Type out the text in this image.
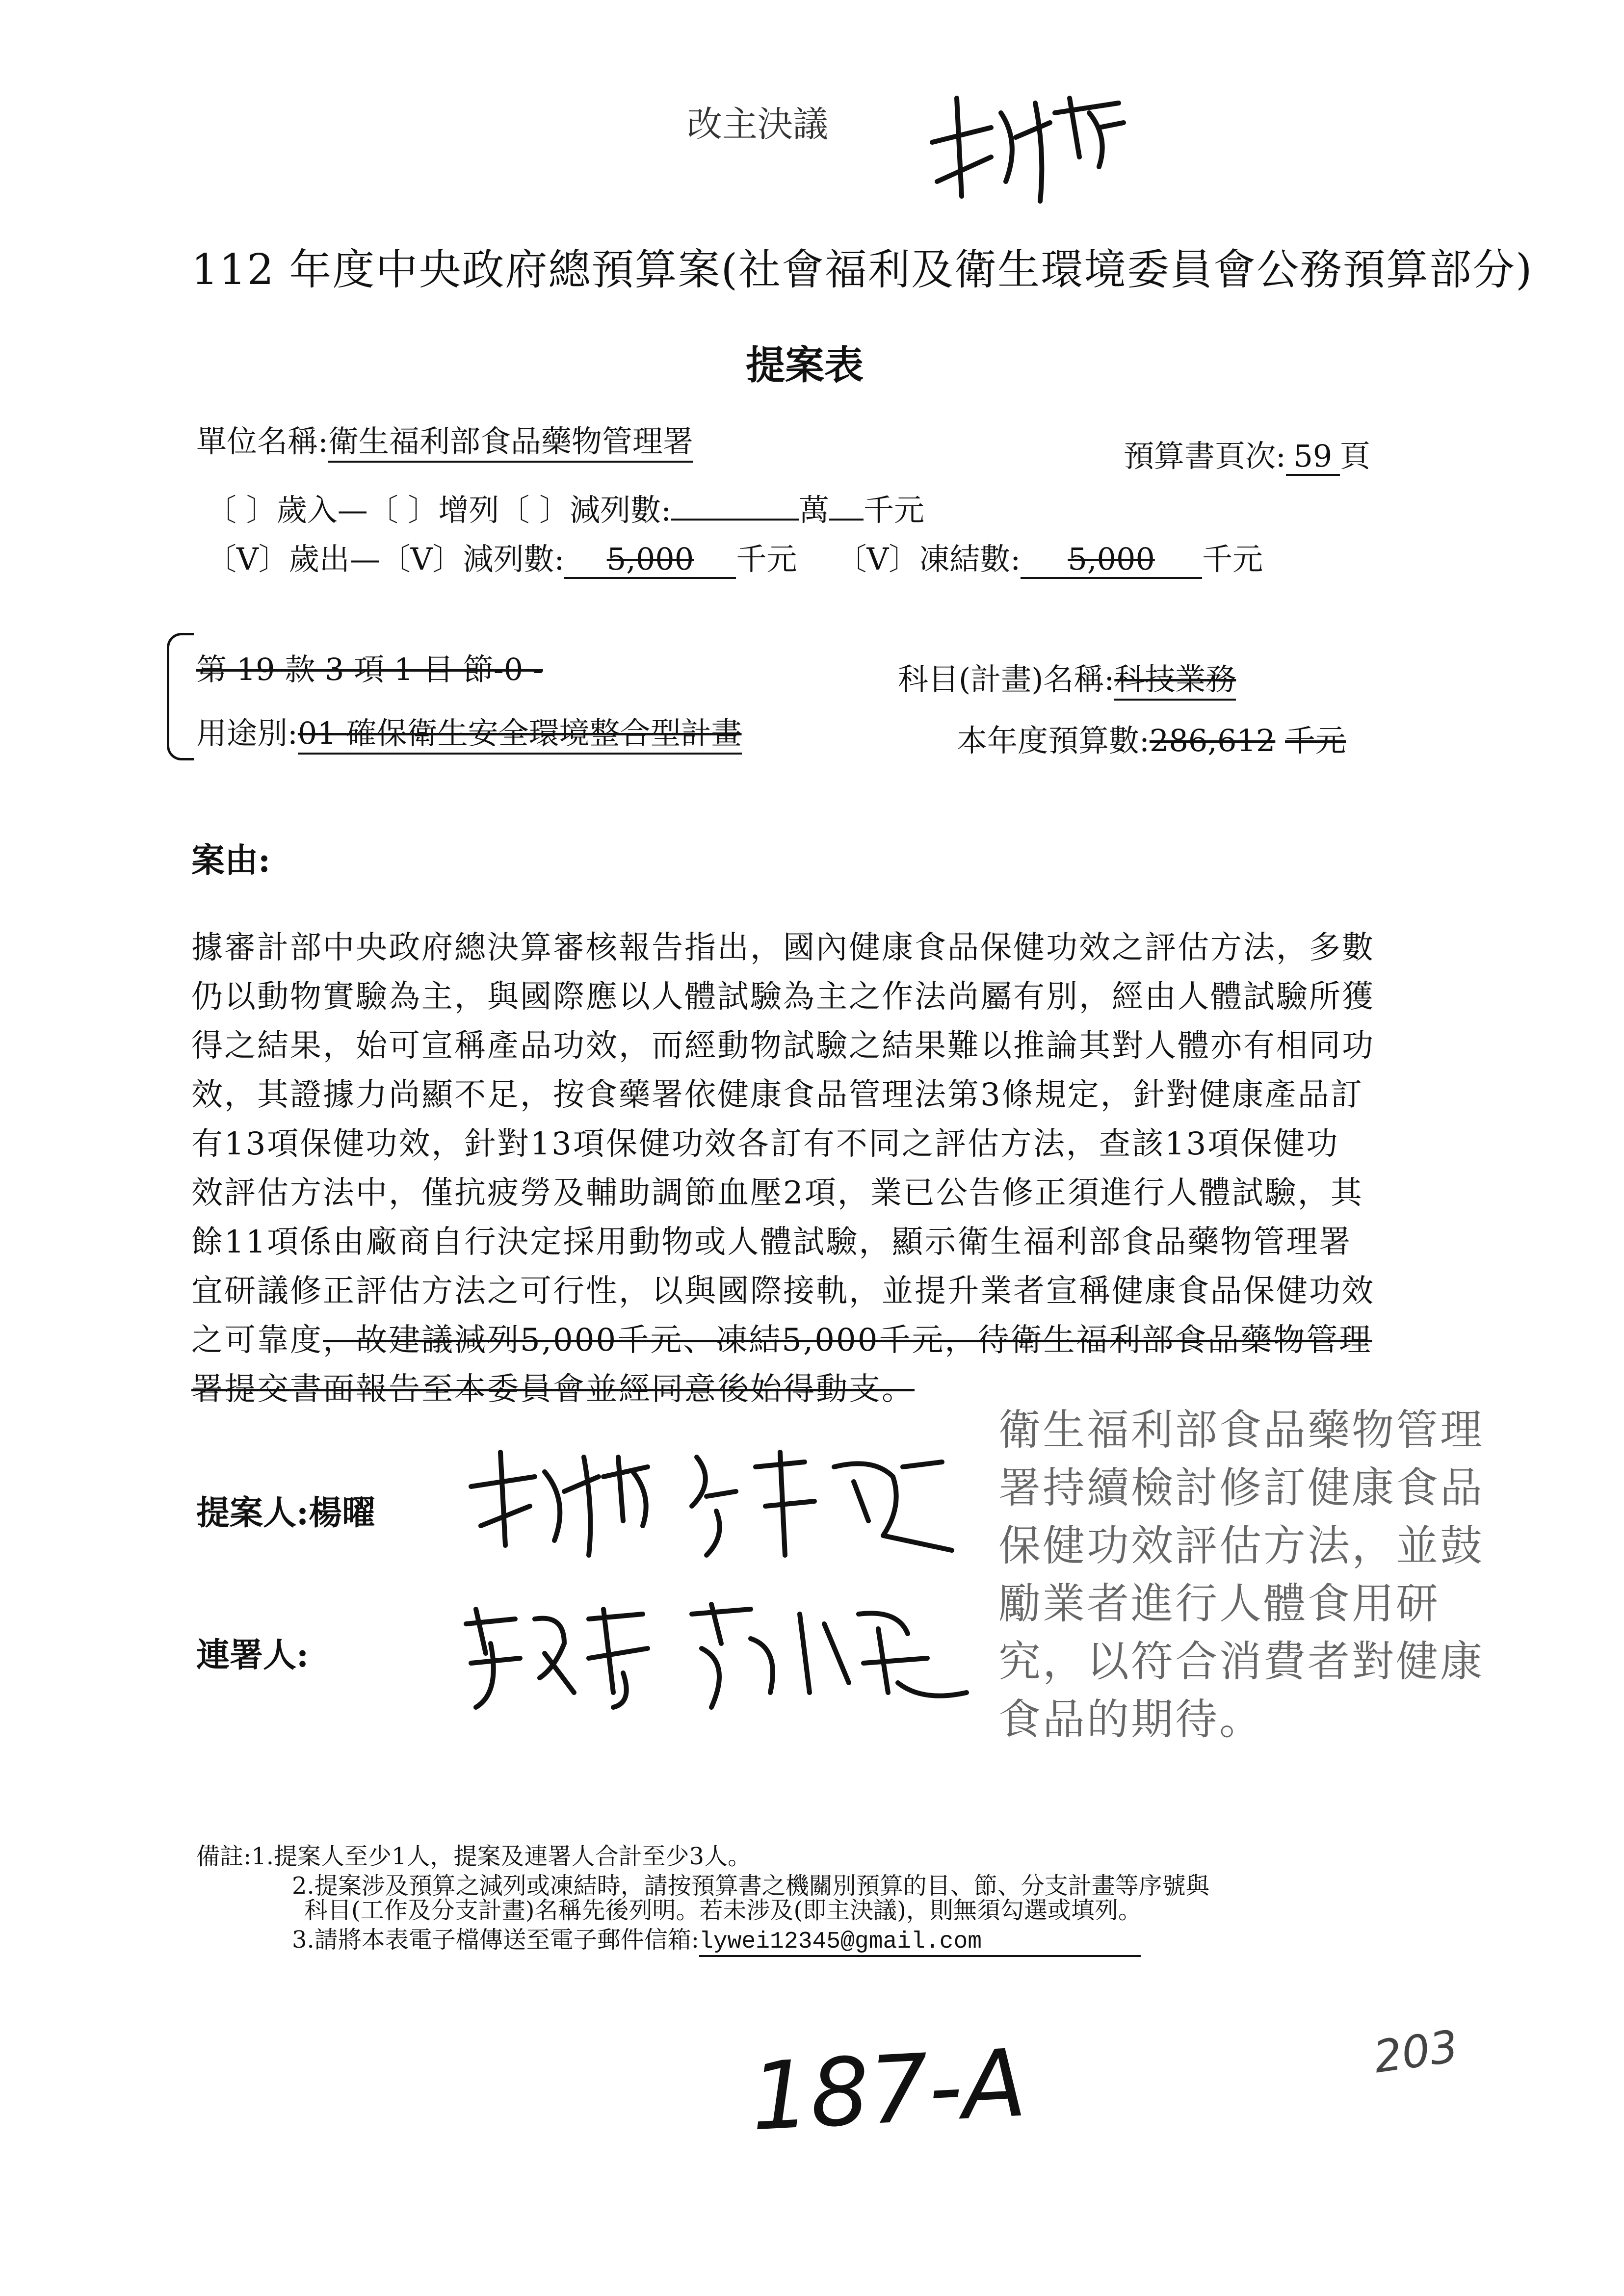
改主決議
112 年度中央政府總預算案(社會福利及衛生環境委員會公務預算部分)
提案表
單位名稱:衛生福利部食品藥物管理署	預算書頁次: 59 頁
〔 〕歲入—〔 〕增列〔 〕減列數:	萬 千元
〔V〕歲出—〔V〕減列數: 5,000 千元 〔V〕凍結數: 5,000 千元
第 19 款 3 項 1 目 節-0 -
用途別:01 確保衛生安全環境整合型計畫
科目(計畫)名稱:科技業務
本年度預算數:286,612 千元
案由:
據審計部中央政府總決算審核報告指出，國內健康食品保健功效之評估方法，多數
仍以動物實驗為主，與國際應以人體試驗為主之作法尚屬有別，經由人體試驗所獲
得之結果，始可宣稱產品功效，而經動物試驗之結果難以推論其對人體亦有相同功
效，其證據力尚顯不足，按食藥署依健康食品管理法第3條規定，針對健康產品訂
有13項保健功效，針對13項保健功效各訂有不同之評估方法，查該13項保健功
效評估方法中，僅抗疲勞及輔助調節血壓2項，業已公告修正須進行人體試驗，其
餘11項係由廠商自行決定採用動物或人體試驗，顯示衛生福利部食品藥物管理署
宜研議修正評估方法之可行性，以與國際接軌，並提升業者宣稱健康食品保健功效
之可靠度，故建議減列5,000千元、凍結5,000千元，待衛生福利部食品藥物管理
署提交書面報告至本委員會並經同意後始得動支。
衛生福利部食品藥物管理
署持續檢討修訂健康食品
保健功效評估方法，並鼓
勵業者進行人體食用研
究，以符合消費者對健康
食品的期待。
提案人:楊曜
連署人:
備註:1.提案人至少1人，提案及連署人合計至少3人。
2.提案涉及預算之減列或凍結時，請按預算書之機關別預算的目、節、分支計畫等序號與
科目(工作及分支計畫)名稱先後列明。若未涉及(即主決議)，則無須勾選或填列。
3.請將本表電子檔傳送至電子郵件信箱:lywei12345@gmail.com
187-A	203
